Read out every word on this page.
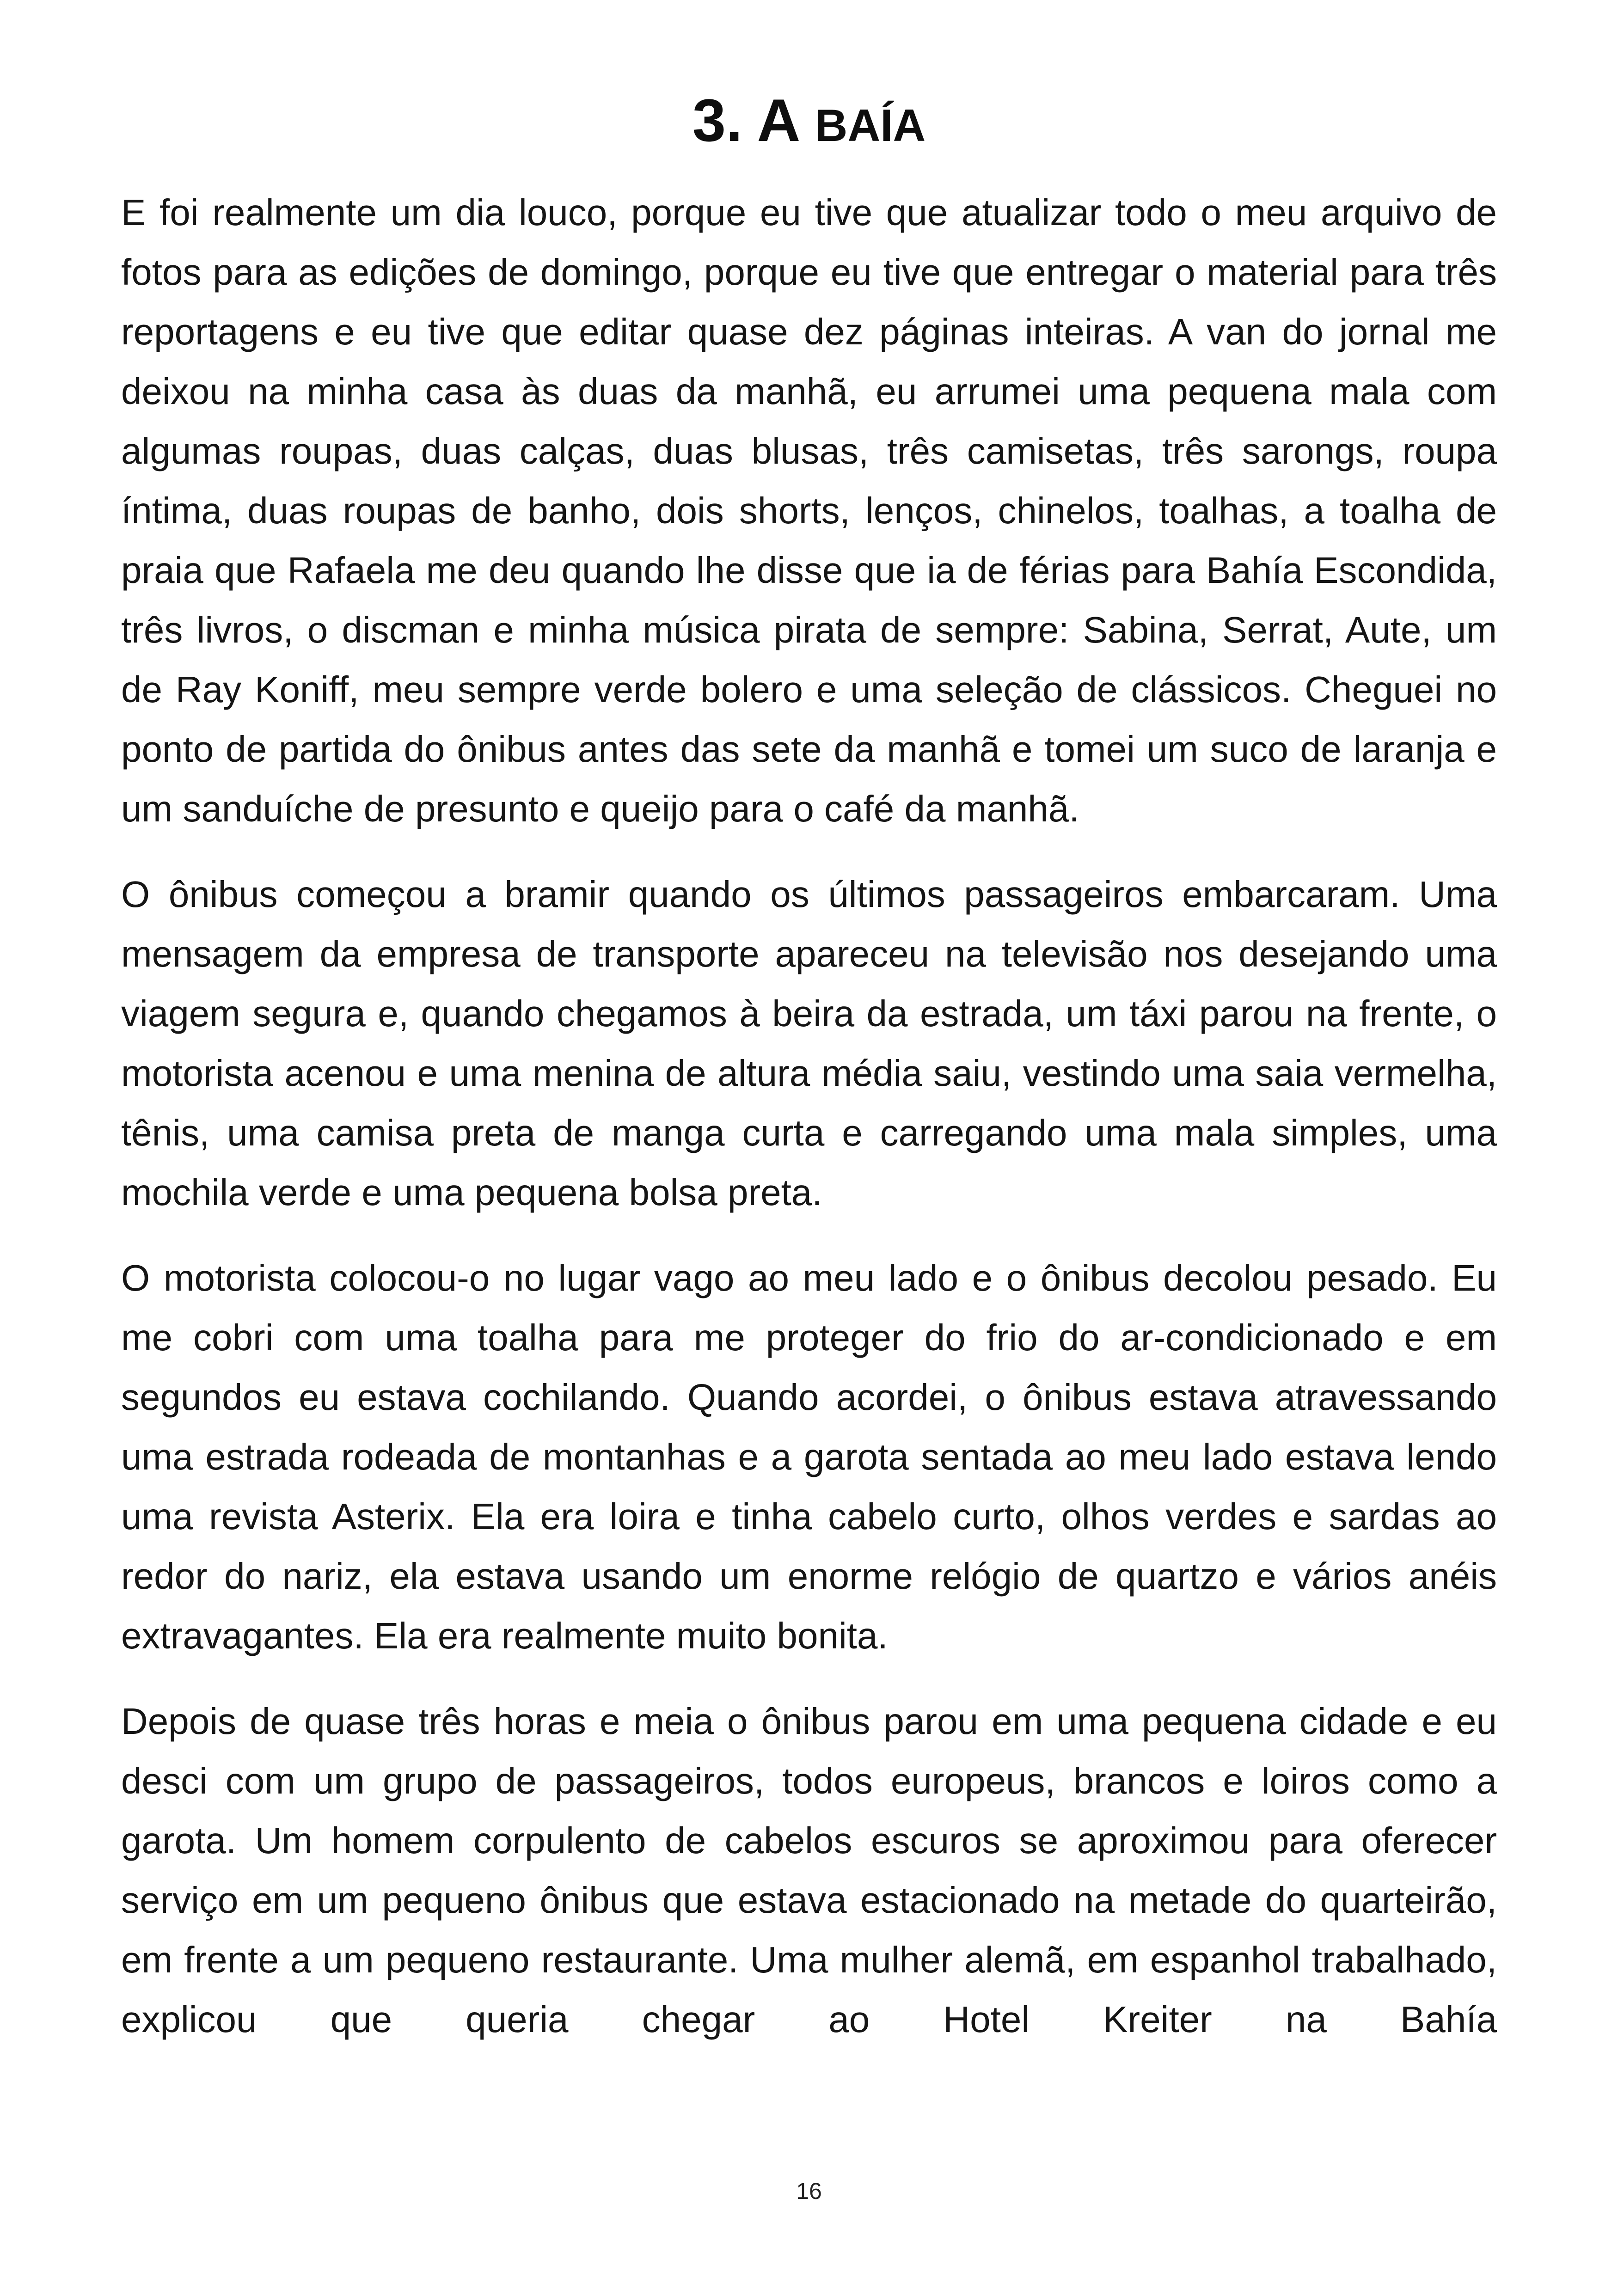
3. A BAÍA

E foi realmente um dia louco, porque eu tive que atualizar todo o meu arquivo de fotos para as edições de domingo, porque eu tive que entregar o material para três reportagens e eu tive que editar quase dez páginas inteiras. A van do jornal me deixou na minha casa às duas da manhã, eu arrumei uma pequena mala com algumas roupas, duas calças, duas blusas, três camisetas, três sarongs, roupa íntima, duas roupas de banho, dois shorts, lenços, chinelos, toalhas, a toalha de praia que Rafaela me deu quando lhe disse que ia de férias para Bahía Escondida, três livros, o discman e minha música pirata de sempre: Sabina, Serrat, Aute, um de Ray Koniff, meu sempre verde bolero e uma seleção de clássicos. Cheguei no ponto de partida do ônibus antes das sete da manhã e tomei um suco de laranja e um sanduíche de presunto e queijo para o café da manhã.

O ônibus começou a bramir quando os últimos passageiros embarcaram. Uma mensagem da empresa de transporte apareceu na televisão nos desejando uma viagem segura e, quando chegamos à beira da estrada, um táxi parou na frente, o motorista acenou e uma menina de altura média saiu, vestindo uma saia vermelha, tênis, uma camisa preta de manga curta e carregando uma mala simples, uma mochila verde e uma pequena bolsa preta.

O motorista colocou-o no lugar vago ao meu lado e o ônibus decolou pesado. Eu me cobri com uma toalha para me proteger do frio do ar-condicionado e em segundos eu estava cochilando. Quando acordei, o ônibus estava atravessando uma estrada rodeada de montanhas e a garota sentada ao meu lado estava lendo uma revista Asterix. Ela era loira e tinha cabelo curto, olhos verdes e sardas ao redor do nariz, ela estava usando um enorme relógio de quartzo e vários anéis extravagantes. Ela era realmente muito bonita.

Depois de quase três horas e meia o ônibus parou em uma pequena cidade e eu desci com um grupo de passageiros, todos europeus, brancos e loiros como a garota. Um homem corpulento de cabelos escuros se aproximou para oferecer serviço em um pequeno ônibus que estava estacionado na metade do quarteirão, em frente a um pequeno restaurante. Uma mulher alemã, em espanhol trabalhado, explicou que queria chegar ao Hotel Kreiter na Bahía

16
